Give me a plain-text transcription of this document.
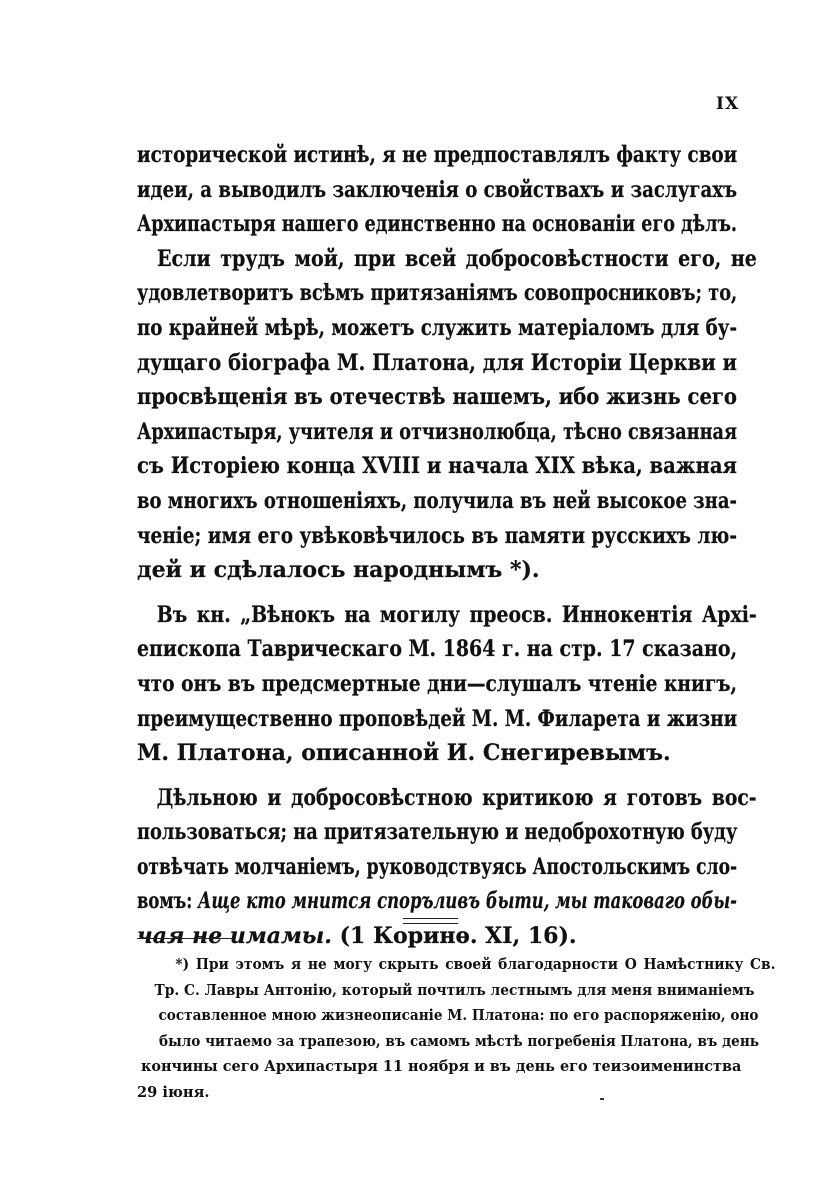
IX
исторической истинѣ, я не предпоставлялъ факту свои
идеи, а выводилъ заключенія о свойствахъ и заслугахъ
Архипастыря нашего единственно на основаніи его дѣлъ.
Если трудъ мой, при всей добросовѣстности его, не
удовлетворитъ всѣмъ притязаніямъ совопросниковъ; то,
по крайней мѣрѣ, можетъ служить матеріаломъ для бу-
дущаго біографа М. Платона, для Исторіи Церкви и
просвѣщенія въ отечествѣ нашемъ, ибо жизнь сего
Архипастыря, учителя и отчизнолюбца, тѣсно связанная
съ Исторіею конца XVIII и начала XIX вѣка, важная
во многихъ отношеніяхъ, получила въ ней высокое зна-
ченіе; имя его увѣковѣчилось въ памяти русскихъ лю-
дей и сдѣлалось народнымъ *).
Въ кн. „Вѣнокъ на могилу преосв. Иннокентія Архі-
епископа Таврическаго М. 1864 г. на стр. 17 сказано,
что онъ въ предсмертные дни—слушалъ чтеніе книгъ,
преимущественно проповѣдей М. М. Филарета и жизни
М. Платона, описанной И. Снегиревымъ.
Дѣльною и добросовѣстною критикою я готовъ вос-
пользоваться; на притязательную и недоброхотную буду
отвѣчать молчаніемъ, руководствуясь Апостольскимъ сло-
вомъ: Аще кто мнится споръливъ быти, мы таковаго обы-
чая не имамы. (1 Коринѳ. XI, 16).
*) При этомъ я не могу скрыть своей благодарности О Намѣстнику Св.
Тр. С. Лавры Антонію, который почтилъ лестнымъ для меня вниманіемъ
составленное мною жизнеописаніе М. Платона: по его распоряженію, оно
было читаемо за трапезою, въ самомъ мѣстѣ погребенія Платона, въ день
кончины сего Архипастыря 11 ноября и въ день его теизоименинства
29 іюня.
